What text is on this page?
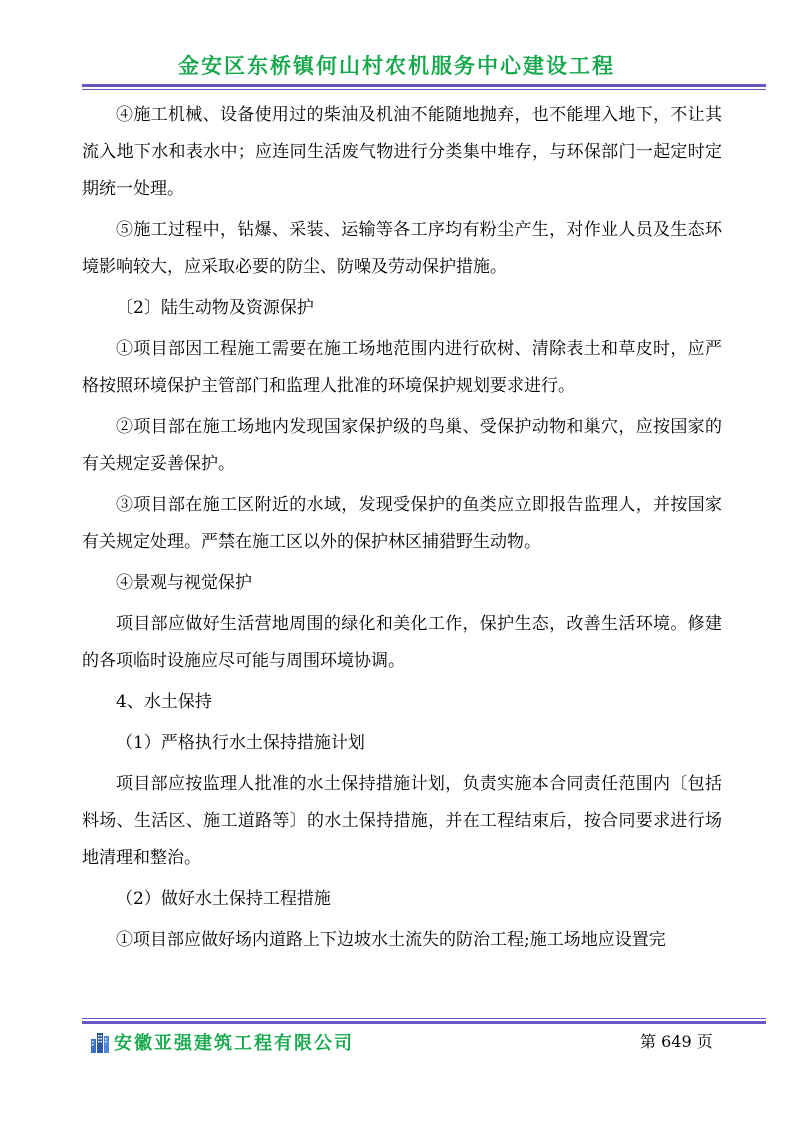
金安区东桥镇何山村农机服务中心建设工程

④施工机械、设备使用过的柴油及机油不能随地抛弃，也不能埋入地下，不让其流入地下水和表水中；应连同生活废气物进行分类集中堆存，与环保部门一起定时定期统一处理。

⑤施工过程中，钻爆、采装、运输等各工序均有粉尘产生，对作业人员及生态环境影响较大，应采取必要的防尘、防噪及劳动保护措施。

〔2〕陆生动物及资源保护

①项目部因工程施工需要在施工场地范围内进行砍树、清除表土和草皮时，应严格按照环境保护主管部门和监理人批准的环境保护规划要求进行。

②项目部在施工场地内发现国家保护级的鸟巢、受保护动物和巢穴，应按国家的有关规定妥善保护。

③项目部在施工区附近的水域，发现受保护的鱼类应立即报告监理人，并按国家有关规定处理。严禁在施工区以外的保护林区捕猎野生动物。

④景观与视觉保护

项目部应做好生活营地周围的绿化和美化工作，保护生态，改善生活环境。修建的各项临时设施应尽可能与周围环境协调。

4、水土保持

（1）严格执行水土保持措施计划

项目部应按监理人批准的水土保持措施计划，负责实施本合同责任范围内〔包括料场、生活区、施工道路等〕的水土保持措施，并在工程结束后，按合同要求进行场地清理和整治。

（2）做好水土保持工程措施

①项目部应做好场内道路上下边坡水土流失的防治工程;施工场地应设置完

安徽亚强建筑工程有限公司	第 649 页
